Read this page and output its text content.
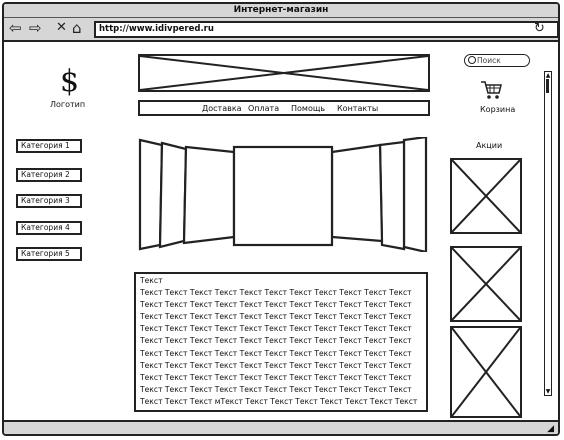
Интернет-магазин
⇦ ⇨ ✕ ⌂	http://www.idivpered.ru	↻
$
Логотип	Доставка Оплата Помощь Контакты
Поиск
Корзина
Категория 1
Категория 2
Категория 3
Категория 4
Категория 5
Акции
Текст
Текст Текст Текст Текст Текст Текст Текст Текст Текст Текст Текст
Текст Текст Текст Текст Текст Текст Текст Текст Текст Текст Текст
Текст Текст Текст Текст Текст Текст Текст Текст Текст Текст Текст
Текст Текст Текст Текст Текст Текст Текст Текст Текст Текст Текст
Текст Текст Текст Текст Текст Текст Текст Текст Текст Текст Текст
Текст Текст Текст Текст Текст Текст Текст Текст Текст Текст Текст
Текст Текст Текст Текст Текст Текст Текст Текст Текст Текст Текст
Текст Текст Текст Текст Текст Текст Текст Текст Текст Текст Текст
Текст Текст Текст Текст Текст Текст Текст Текст Текст Текст Текст
Текст Текст Текст мТекст Текст Текст Текст Текст Текст Текст Текст
▲
▼
◢
